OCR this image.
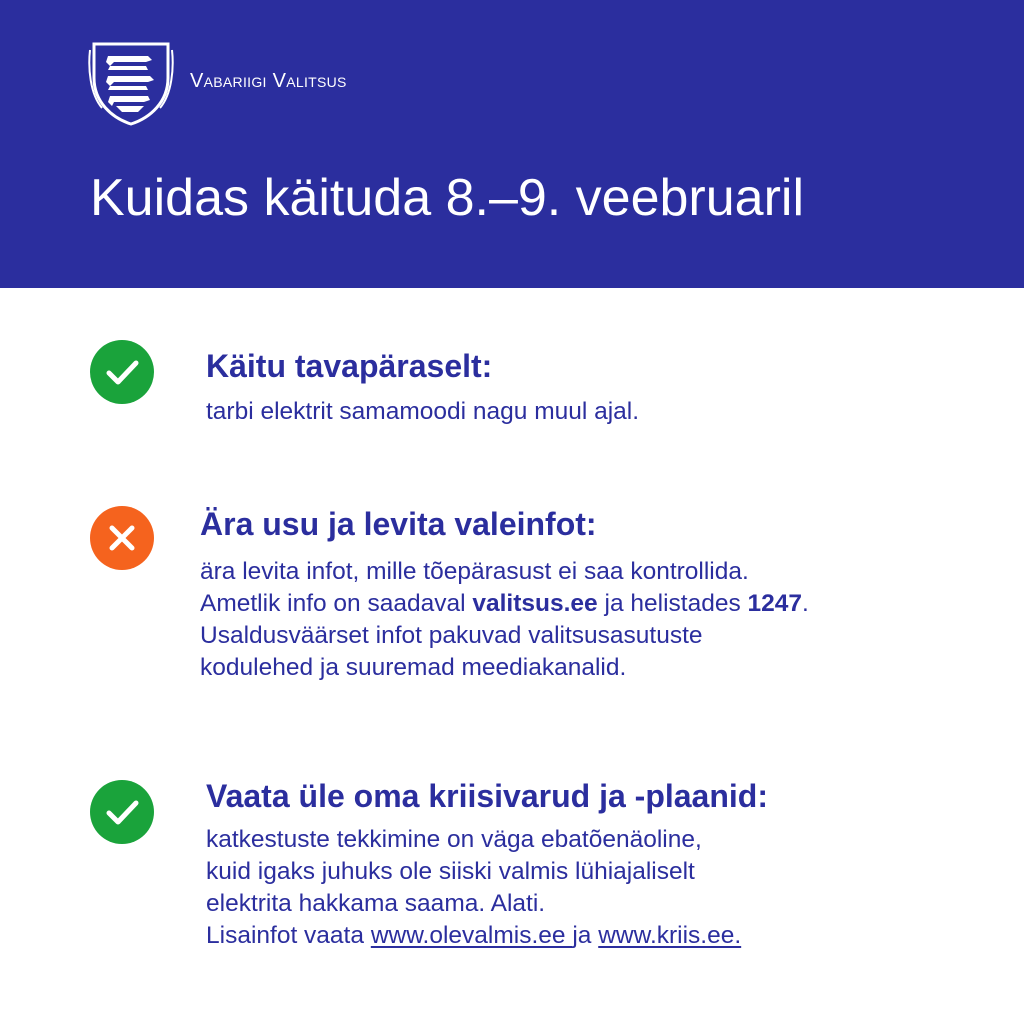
Vabariigi Valitsus
Kuidas käituda 8.–9. veebruaril
Käitu tavapäraselt:
tarbi elektrit samamoodi nagu muul ajal.
Ära usu ja levita valeinfot:
ära levita infot, mille tõepärasust ei saa kontrollida.
Ametlik info on saadaval valitsus.ee ja helistades 1247.
Usaldusväärset infot pakuvad valitsusasutuste
kodulehed ja suuremad meediakanalid.
Vaata üle oma kriisivarud ja -plaanid:
katkestuste tekkimine on väga ebatõenäoline,
kuid igaks juhuks ole siiski valmis lühiajaliselt
elektrita hakkama saama. Alati.
Lisainfot vaata www.olevalmis.ee ja www.kriis.ee.
